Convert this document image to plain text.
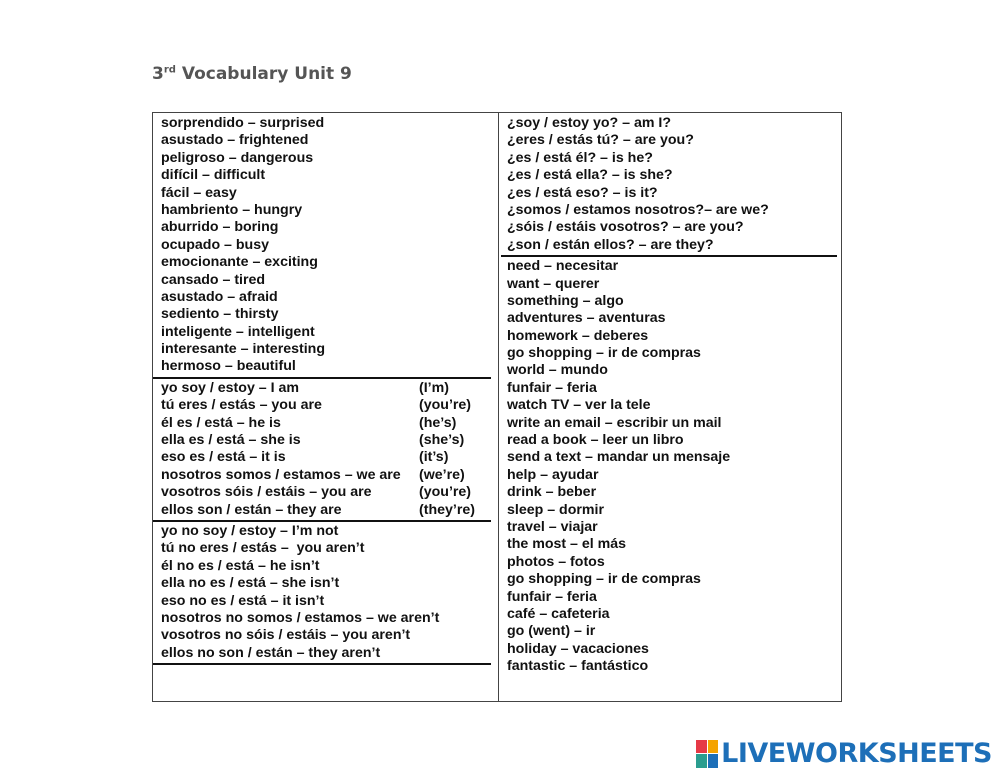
3rd Vocabulary Unit 9
sorprendido – surprised
asustado – frightened
peligroso – dangerous
difícil – difficult
fácil – easy
hambriento – hungry
aburrido – boring
ocupado – busy
emocionante – exciting
cansado – tired
asustado – afraid
sediento – thirsty
inteligente – intelligent
interesante – interesting
hermoso – beautiful
yo soy / estoy – I am	(I’m)
tú eres / estás – you are	(you’re)
él es / está – he is	(he’s)
ella es / está – she is	(she’s)
eso es / está – it is	(it’s)
nosotros somos / estamos – we are (we’re)
vosotros sóis / estáis – you are	(you’re)
ellos son / están – they are	(they’re)
yo no soy / estoy – I’m not
tú no eres / estás –  you aren’t
él no es / está – he isn’t
ella no es / está – she isn’t
eso no es / está – it isn’t
nosotros no somos / estamos – we aren’t
vosotros no sóis / estáis – you aren’t
ellos no son / están – they aren’t
¿soy / estoy yo? – am I?
¿eres / estás tú? – are you?
¿es / está él? – is he?
¿es / está ella? – is she?
¿es / está eso? – is it?
¿somos / estamos nosotros?– are we?
¿sóis / estáis vosotros? – are you?
¿son / están ellos? – are they?
need – necesitar
want – querer
something – algo
adventures – aventuras
homework – deberes
go shopping – ir de compras
world – mundo
funfair – feria
watch TV – ver la tele
write an email – escribir un mail
read a book – leer un libro
send a text – mandar un mensaje
help – ayudar
drink – beber
sleep – dormir
travel – viajar
the most – el más
photos – fotos
go shopping – ir de compras
funfair – feria
café – cafeteria
go (went) – ir
holiday – vacaciones
fantastic – fantástico
LIVEWORKSHEETS
